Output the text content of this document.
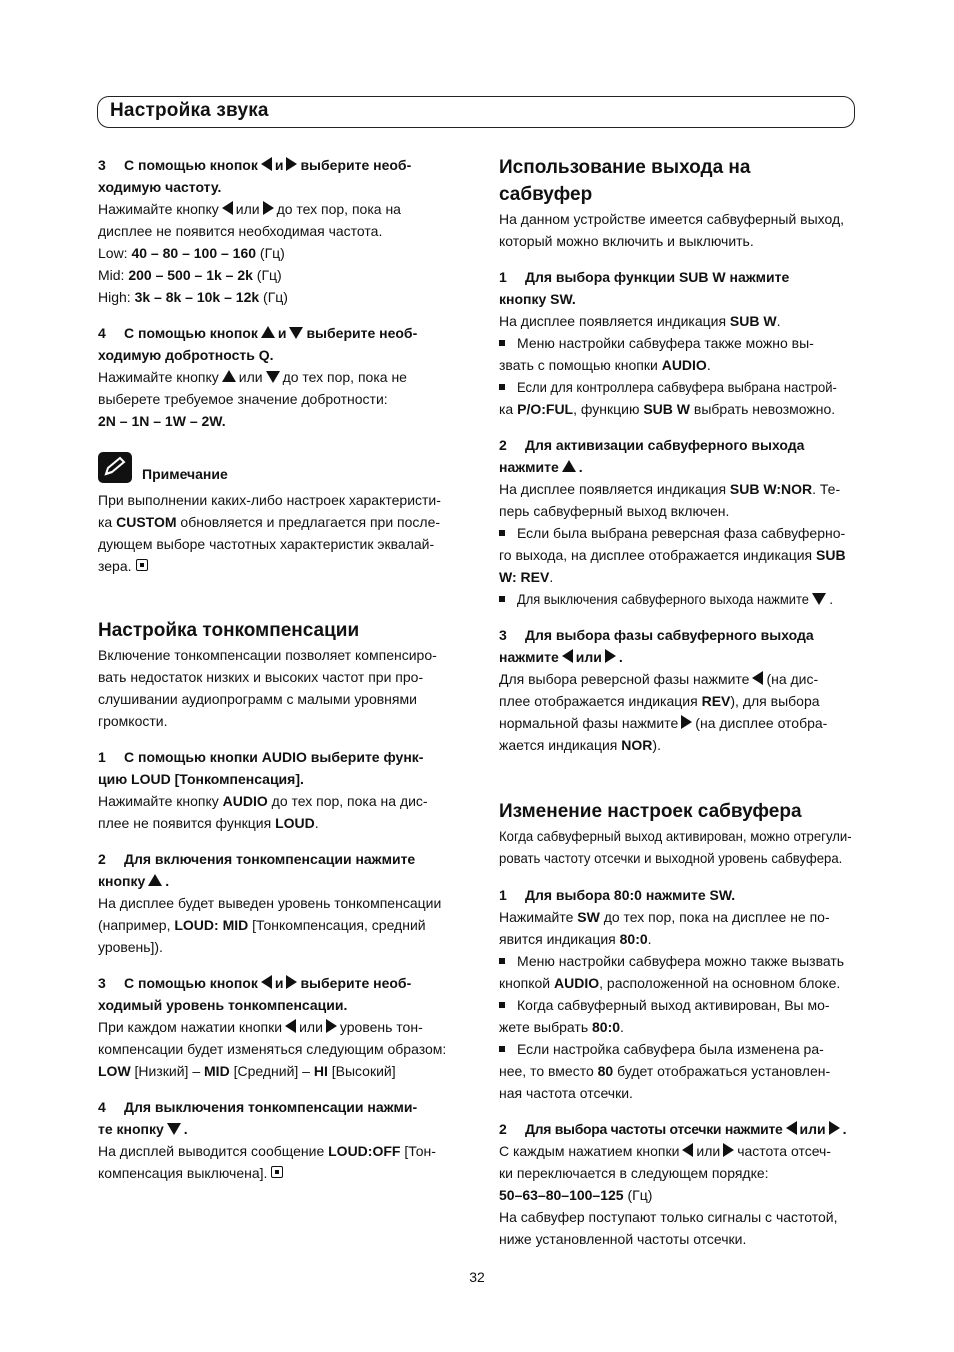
Настройка звука

3 С помощью кнопок и выберите необ-

ходимую частоту.

Нажимайте кнопку или до тех пор, пока на

дисплее не появится необходимая частота.

Low: 40 – 80 – 100 – 160 (Гц)

Mid: 200 – 500 – 1k – 2k (Гц)

High: 3k – 8k – 10k – 12k (Гц)

4 С помощью кнопок и выберите необ-

ходимую добротность Q.

Нажимайте кнопку или до тех пор, пока не

выберете требуемое значение добротности:

2N – 1N – 1W – 2W.

Примечание

При выполнении каких-либо настроек характеристи-

ка CUSTOM обновляется и предлагается при после-

дующем выборе частотных характеристик эквалай-

зера.

Настройка тонкомпенсации

Включение тонкомпенсации позволяет компенсиро-

вать недостаток низких и высоких частот при про-

слушивании аудиопрограмм с малыми уровнями

громкости.

1 С помощью кнопки AUDIO выберите функ-

цию LOUD [Тонкомпенсация].

Нажимайте кнопку AUDIO до тех пор, пока на дис-

плее не появится функция LOUD.

2 Для включения тонкомпенсации нажмите

кнопку .

На дисплее будет выведен уровень тонкомпенсации

(например, LOUD: MID [Тонкомпенсация, средний

уровень]).

3 С помощью кнопок и выберите необ-

ходимый уровень тонкомпенсации.

При каждом нажатии кнопки или уровень тон-

компенсации будет изменяться следующим образом:

LOW [Низкий] – MID [Средний] – HI [Высокий]

4 Для выключения тонкомпенсации нажми-

те кнопку .

На дисплей выводится сообщение LOUD:OFF [Тон-

компенсация выключена].

Использование выхода на

сабвуфер

На данном устройстве имеется сабвуферный выход,

который можно включить и выключить.

1 Для выбора функции SUB W нажмите

кнопку SW.

На дисплее появляется индикация SUB W.

Меню настройки сабвуфера также можно вы-

звать с помощью кнопки AUDIO.

Если для контроллера сабвуфера выбрана настрой-

ка P/O:FUL, функцию SUB W выбрать невозможно.

2 Для активизации сабвуферного выхода

нажмите .

На дисплее появляется индикация SUB W:NOR. Те-

перь сабвуферный выход включен.

Если была выбрана реверсная фаза сабвуферно-

го выхода, на дисплее отображается индикация SUB

W: REV.

Для выключения сабвуферного выхода нажмите .

3 Для выбора фазы сабвуферного выхода

нажмите или .

Для выбора реверсной фазы нажмите (на дис-

плее отображается индикация REV), для выбора

нормальной фазы нажмите (на дисплее отобра-

жается индикация NOR).

Изменение настроек сабвуфера

Когда сабвуферный выход активирован, можно отрегули-

ровать частоту отсечки и выходной уровень сабвуфера.

1 Для выбора 80:0 нажмите SW.

Нажимайте SW до тех пор, пока на дисплее не по-

явится индикация 80:0.

Меню настройки сабвуфера можно также вызвать

кнопкой AUDIO, расположенной на основном блоке.

Когда сабвуферный выход активирован, Вы мо-

жете выбрать 80:0.

Если настройка сабвуфера была изменена ра-

нее, то вместо 80 будет отображаться установлен-

ная частота отсечки.

2 Для выбора частоты отсечки нажмите или .

С каждым нажатием кнопки или частота отсеч-

ки переключается в следующем порядке:

50–63–80–100–125 (Гц)

На сабвуфер поступают только сигналы с частотой,

ниже установленной частоты отсечки.

32
